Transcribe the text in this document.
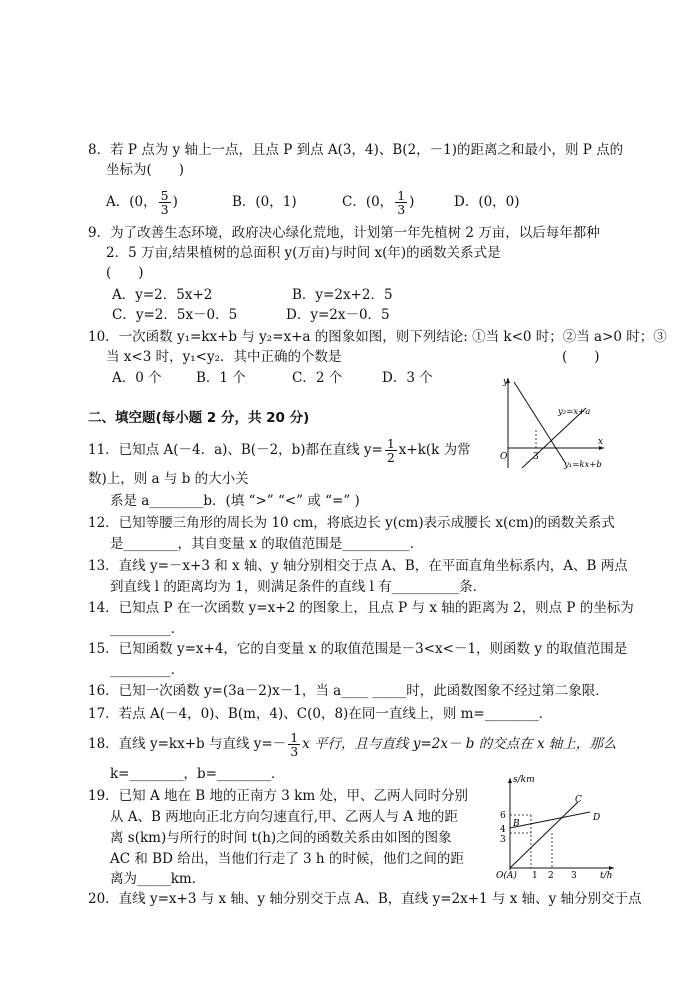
8．若 P 点为 y 轴上一点，且点 P 到点 A(3，4)、B(2，－1)的距离之和最小，则 P 点的
坐标为(　　)
A．(0， $\frac{5}{3}$ )	B．(0，1)	C．(0， $\frac{1}{3}$ )	D．(0，0)
9．为了改善生态环境，政府决心绿化荒地，计划第一年先植树 2 万亩，以后每年都种
2．5 万亩,结果植树的总面积 y(万亩)与时间 x(年)的函数关系式是
(　　)
A．y=2．5x+2	B．y=2x+2．5
C．y=2．5x－0．5	D．y=2x－0．5
10．一次函数 y₁=kx+b 与 y₂=x+a 的图象如图，则下列结论: ①当 k<0 时；②当 a>0 时；③
当 x<3 时，y₁<y₂．其中正确的个数是	(　　)
A．0 个	B．1 个	C．2 个	D．3 个	y
x
O	3
y₂=x+a
y₁=kx+b
二、填空题(每小题 2 分，共 20 分)
11．已知点 A(－4．a)、B(－2，b)都在直线 $y= \frac{1}{2} x+k(k$ 为常
数)上，则 a 与 b 的大小关
系是 a________b．(填 “>” “<” 或 “=” )
12．已知等腰三角形的周长为 10 cm，将底边长 y(cm)表示成腰长 x(cm)的函数关系式
是________，其自变量 x 的取值范围是__________．
13．直线 y=－x+3 和 x 轴、y 轴分别相交于点 A、B，在平面直角坐标系内，A、B 两点
到直线 l 的距离均为 1，则满足条件的直线 l 有__________条．
14．已知点 P 在一次函数 y=x+2 的图象上，且点 P 与 x 轴的距离为 2，则点 P 的坐标为
_________．
15．已知函数 y=x+4，它的自变量 x 的取值范围是－3<x<－1，则函数 y 的取值范围是
_________．
16．已知一次函数 y=(3a－2)x－1，当 a____ _____时，此函数图象不经过第二象限．
17．若点 A(－4，0)、B(m，4)、C(0，8)在同一直线上，则 m=________．
18．直线 y=kx+b 与直线 $y=- \frac{1}{3}$ x 平行，且与直线 y=2x－ b 的交点在 x 轴上，那么
k=________，b=________．
19．已知 A 地在 B 地的正南方 3 km 处，甲、乙两人同时分别
从 A、B 两地向正北方向匀速直行,甲、乙两人与 A 地的距
离 s(km)与所行的时间 t(h)之间的函数关系由如图的图象
AC 和 BD 给出，当他们行走了 3 h 的时候，他们之间的距
离为_____km．
s/km
t/h
O(A) 1 2 3
6
4
3
B
C
D
20．直线 y=x+3 与 x 轴、y 轴分别交于点 A、B，直线 y=2x+1 与 x 轴、y 轴分别交于点
